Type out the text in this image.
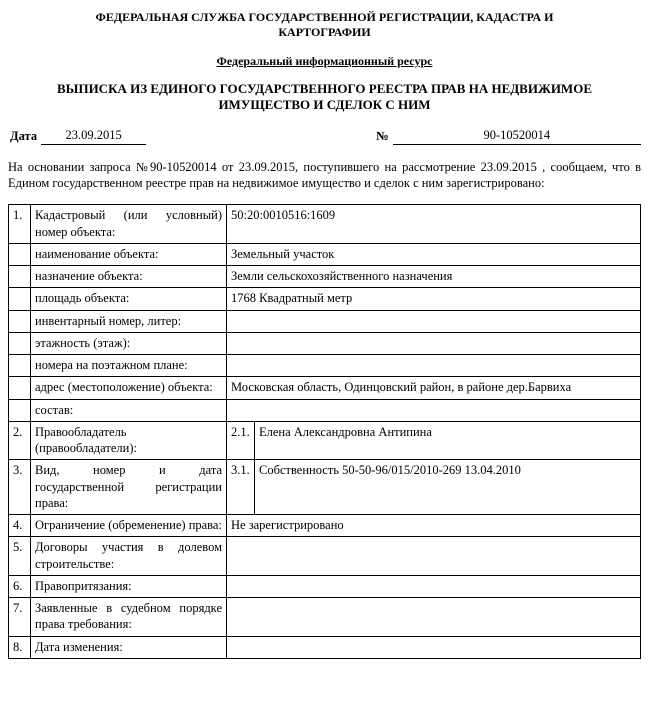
ФЕДЕРАЛЬНАЯ СЛУЖБА ГОСУДАРСТВЕННОЙ РЕГИСТРАЦИИ, КАДАСТРА И КАРТОГРАФИИ
Федеральный информационный ресурс
ВЫПИСКА ИЗ ЕДИНОГО ГОСУДАРСТВЕННОГО РЕЕСТРА ПРАВ НА НЕДВИЖИМОЕ ИМУЩЕСТВО И СДЕЛОК С НИМ
Дата	23.09.2015	№	90-10520014
На основании запроса №90-10520014 от 23.09.2015, поступившего на рассмотрение 23.09.2015 , сообщаем, что в Едином государственном реестре прав на недвижимое имущество и сделок с ним зарегистрировано:
1.	Кадастровый (или условный) номер объекта:	50:20:0010516:1609	
	наименование объекта:	Земельный участок	
	назначение объекта:	Земли сельскохозяйственного назначения	
	площадь объекта:	1768 Квадратный метр	
	инвентарный номер, литер:		
	этажность (этаж):		
	номера на поэтажном плане:		
	адрес (местоположение) объекта:	Московская область, Одинцовский район, в районе дер.Барвиха	
	состав:		
2.	Правообладатель (правообладатели):	2.1.	Елена Александровна Антипина
3.	Вид, номер и дата государственной регистрации права:	3.1.	Собственность 50-50-96/015/2010-269 13.04.2010
4.	Ограничение (обременение) права:	Не зарегистрировано	
5.	Договоры участия в долевом строительстве:		
6.	Правопритязания:		
7.	Заявленные в судебном порядке права требования:		
8.	Дата изменения:		
